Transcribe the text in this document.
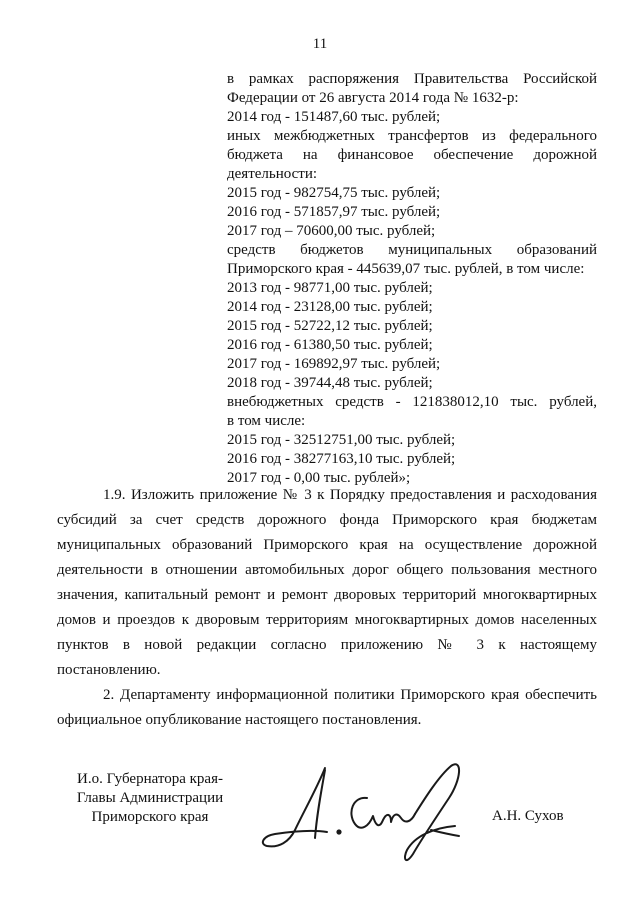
11
в рамках распоряжения Правительства Российской
Федерации от 26 августа 2014 года № 1632-р:
2014 год - 151487,60 тыс. рублей;
иных межбюджетных трансфертов из федерального
бюджета на финансовое обеспечение дорожной
деятельности:
2015 год - 982754,75 тыс. рублей;
2016 год - 571857,97 тыс. рублей;
2017 год – 70600,00 тыс. рублей;
средств бюджетов муниципальных образований
Приморского края - 445639,07 тыс. рублей, в том числе:
2013 год - 98771,00 тыс. рублей;
2014 год - 23128,00 тыс. рублей;
2015 год - 52722,12 тыс. рублей;
2016 год - 61380,50 тыс. рублей;
2017 год - 169892,97 тыс. рублей;
2018 год - 39744,48 тыс. рублей;
внебюджетных средств - 121838012,10 тыс. рублей,
в том числе:
2015 год - 32512751,00 тыс. рублей;
2016 год - 38277163,10 тыс. рублей;
2017 год - 0,00 тыс. рублей»;

1.9. Изложить приложение № 3 к Порядку предоставления и расходования субсидий за счет средств дорожного фонда Приморского края бюджетам муниципальных образований Приморского края на осуществление дорожной деятельности в отношении автомобильных дорог общего пользования местного значения, капитальный ремонт и ремонт дворовых территорий многоквартирных домов и проездов к дворовым территориям многоквартирных домов населенных пунктов в новой редакции согласно приложению № 3 к настоящему постановлению.

2. Департаменту информационной политики Приморского края обеспечить официальное опубликование настоящего постановления.

И.о. Губернатора края-
Главы Администрации
Приморского края	А.Н. Сухов
